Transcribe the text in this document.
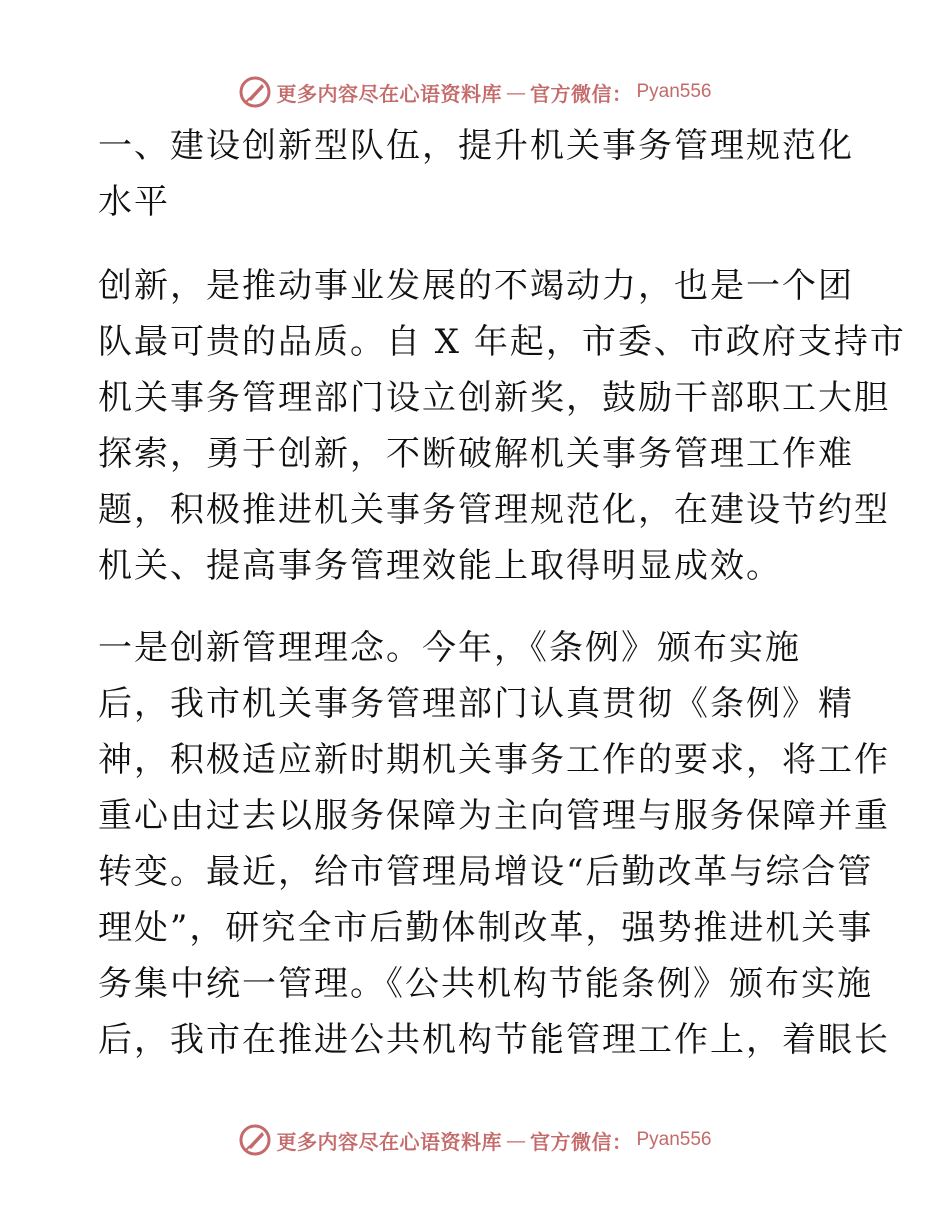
更多内容尽在心语资料库 — 官方微信： Pyan556
一、建设创新型队伍，提升机关事务管理规范化
水平
创新，是推动事业发展的不竭动力，也是一个团
队最可贵的品质。自 X 年起，市委、市政府支持市
机关事务管理部门设立创新奖，鼓励干部职工大胆
探索，勇于创新，不断破解机关事务管理工作难
题，积极推进机关事务管理规范化，在建设节约型
机关、提高事务管理效能上取得明显成效。
一是创新管理理念。今年，《条例》颁布实施
后，我市机关事务管理部门认真贯彻《条例》精
神，积极适应新时期机关事务工作的要求，将工作
重心由过去以服务保障为主向管理与服务保障并重
转变。最近，给市管理局增设“后勤改革与综合管
理处”，研究全市后勤体制改革，强势推进机关事
务集中统一管理。《公共机构节能条例》颁布实施
后，我市在推进公共机构节能管理工作上，着眼长
更多内容尽在心语资料库 — 官方微信： Pyan556
